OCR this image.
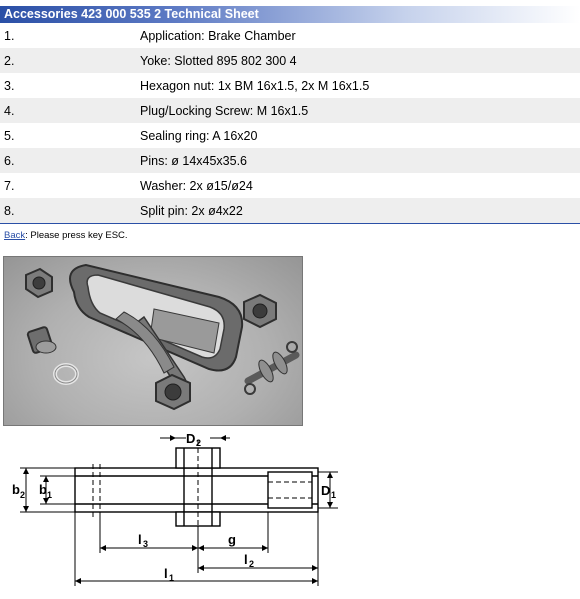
Accessories 423 000 535 2 Technical Sheet
1.	Application: Brake Chamber
2.	Yoke: Slotted 895 802 300 4
3.	Hexagon nut: 1x BM 16x1.5, 2x M 16x1.5
4.	Plug/Locking Screw: M 16x1.5
5.	Sealing ring: A 16x20
6.	Pins: ø 14x45x35.6
7.	Washer: 2x ø15/ø24
8.	Split pin: 2x ø4x22
Back: Please press key ESC.
D 2
D 1
b 2 b 1
l 3	g
l 2
l 1
